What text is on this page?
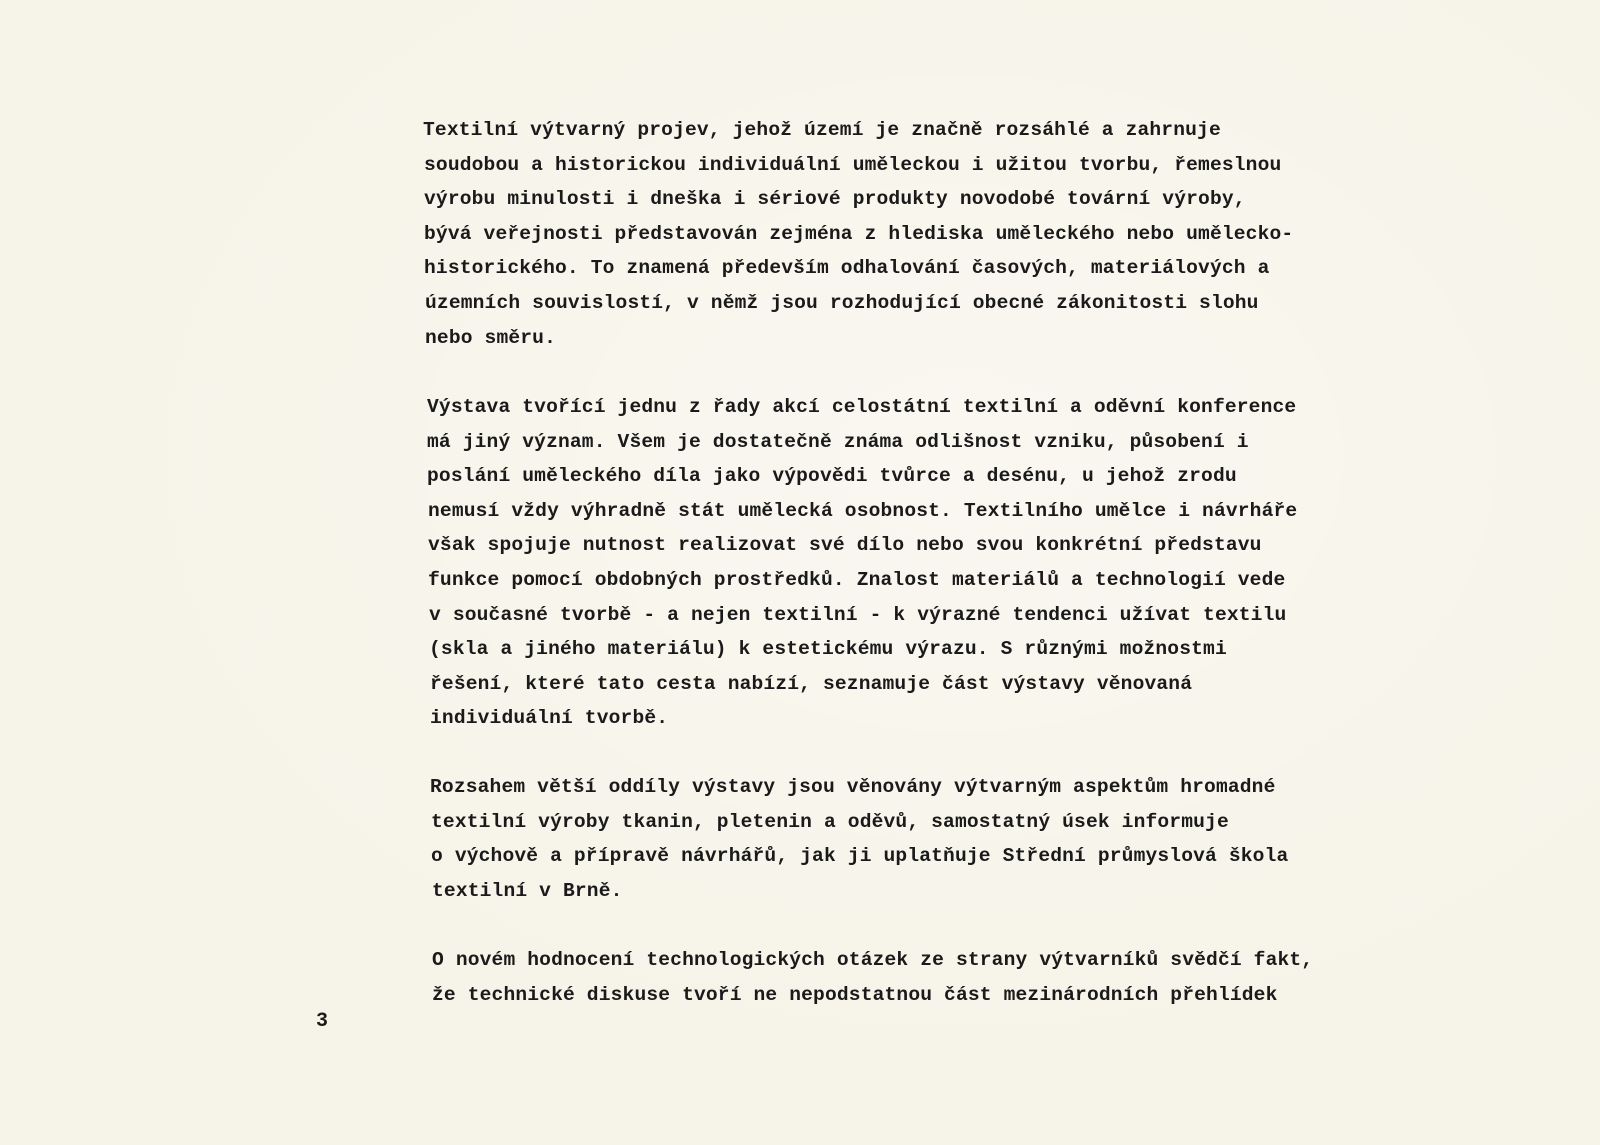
Textilní výtvarný projev, jehož území je značně rozsáhlé a zahrnuje
soudobou a historickou individuální uměleckou i užitou tvorbu, řemeslnou
výrobu minulosti i dneška i sériové produkty novodobé tovární výroby,
bývá veřejnosti představován zejména z hlediska uměleckého nebo umělecko-
historického. To znamená především odhalování časových, materiálových a
územních souvislostí, v němž jsou rozhodující obecné zákonitosti slohu
nebo směru.
Výstava tvořící jednu z řady akcí celostátní textilní a oděvní konference
má jiný význam. Všem je dostatečně známa odlišnost vzniku, působení i
poslání uměleckého díla jako výpovědi tvůrce a desénu, u jehož zrodu
nemusí vždy výhradně stát umělecká osobnost. Textilního umělce i návrháře
však spojuje nutnost realizovat své dílo nebo svou konkrétní představu
funkce pomocí obdobných prostředků. Znalost materiálů a technologií vede
v současné tvorbě - a nejen textilní - k výrazné tendenci užívat textilu
(skla a jiného materiálu) k estetickému výrazu. S různými možnostmi
řešení, které tato cesta nabízí, seznamuje část výstavy věnovaná
individuální tvorbě.
Rozsahem větší oddíly výstavy jsou věnovány výtvarným aspektům hromadné
textilní výroby tkanin, pletenin a oděvů, samostatný úsek informuje
o výchově a přípravě návrhářů, jak ji uplatňuje Střední průmyslová škola
textilní v Brně.
O novém hodnocení technologických otázek ze strany výtvarníků svědčí fakt,
že technické diskuse tvoří ne nepodstatnou část mezinárodních přehlídek
3
